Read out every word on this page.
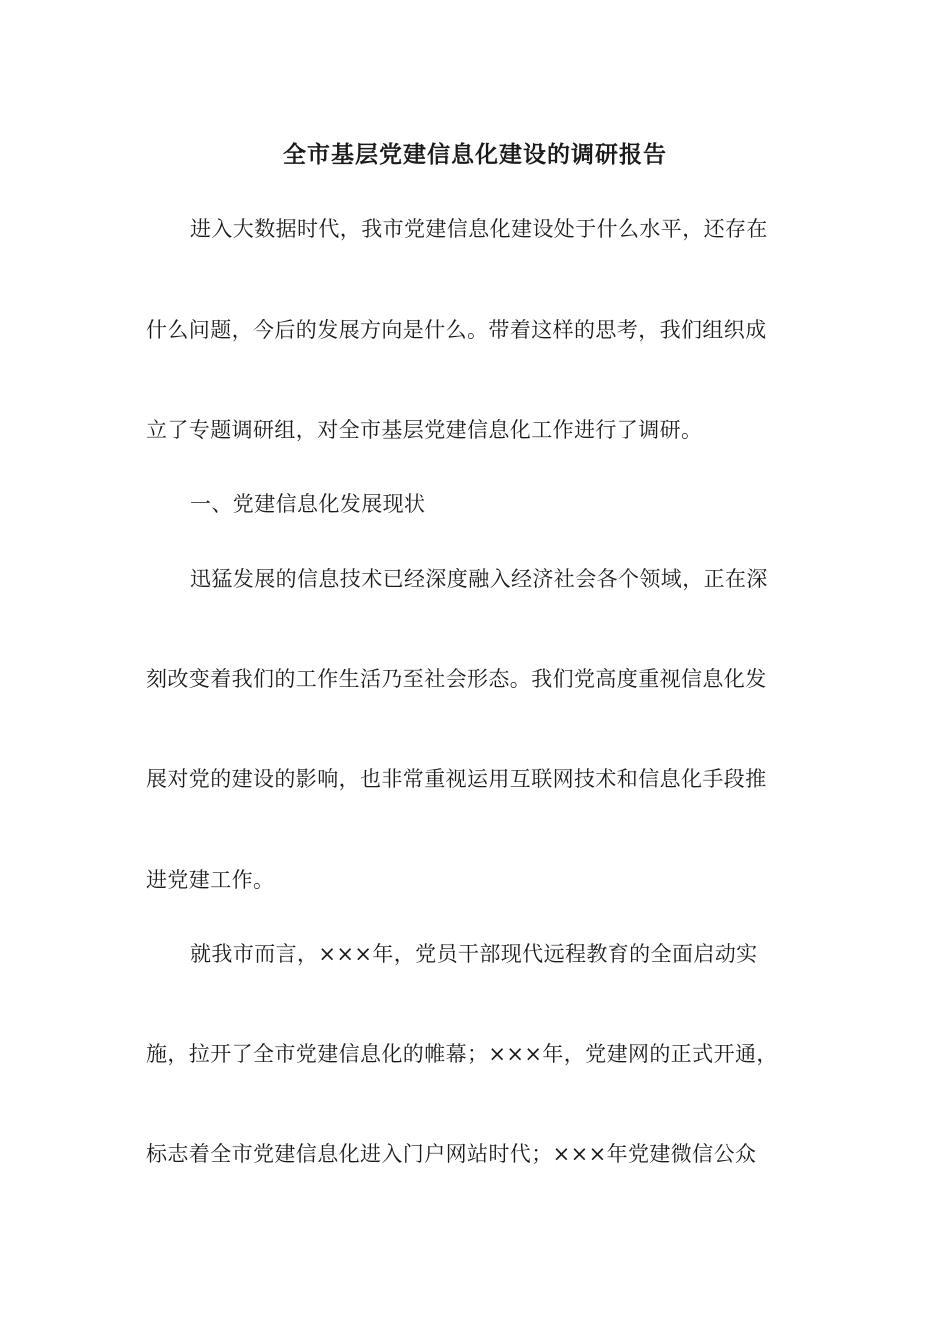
全市基层党建信息化建设的调研报告
进入大数据时代，我市党建信息化建设处于什么水平，还存在
什么问题，今后的发展方向是什么。带着这样的思考，我们组织成
立了专题调研组，对全市基层党建信息化工作进行了调研。
一、党建信息化发展现状
迅猛发展的信息技术已经深度融入经济社会各个领域，正在深
刻改变着我们的工作生活乃至社会形态。我们党高度重视信息化发
展对党的建设的影响，也非常重视运用互联网技术和信息化手段推
进党建工作。
就我市而言，×××年，党员干部现代远程教育的全面启动实
施，拉开了全市党建信息化的帷幕；×××年，党建网的正式开通，
标志着全市党建信息化进入门户网站时代；×××年党建微信公众
